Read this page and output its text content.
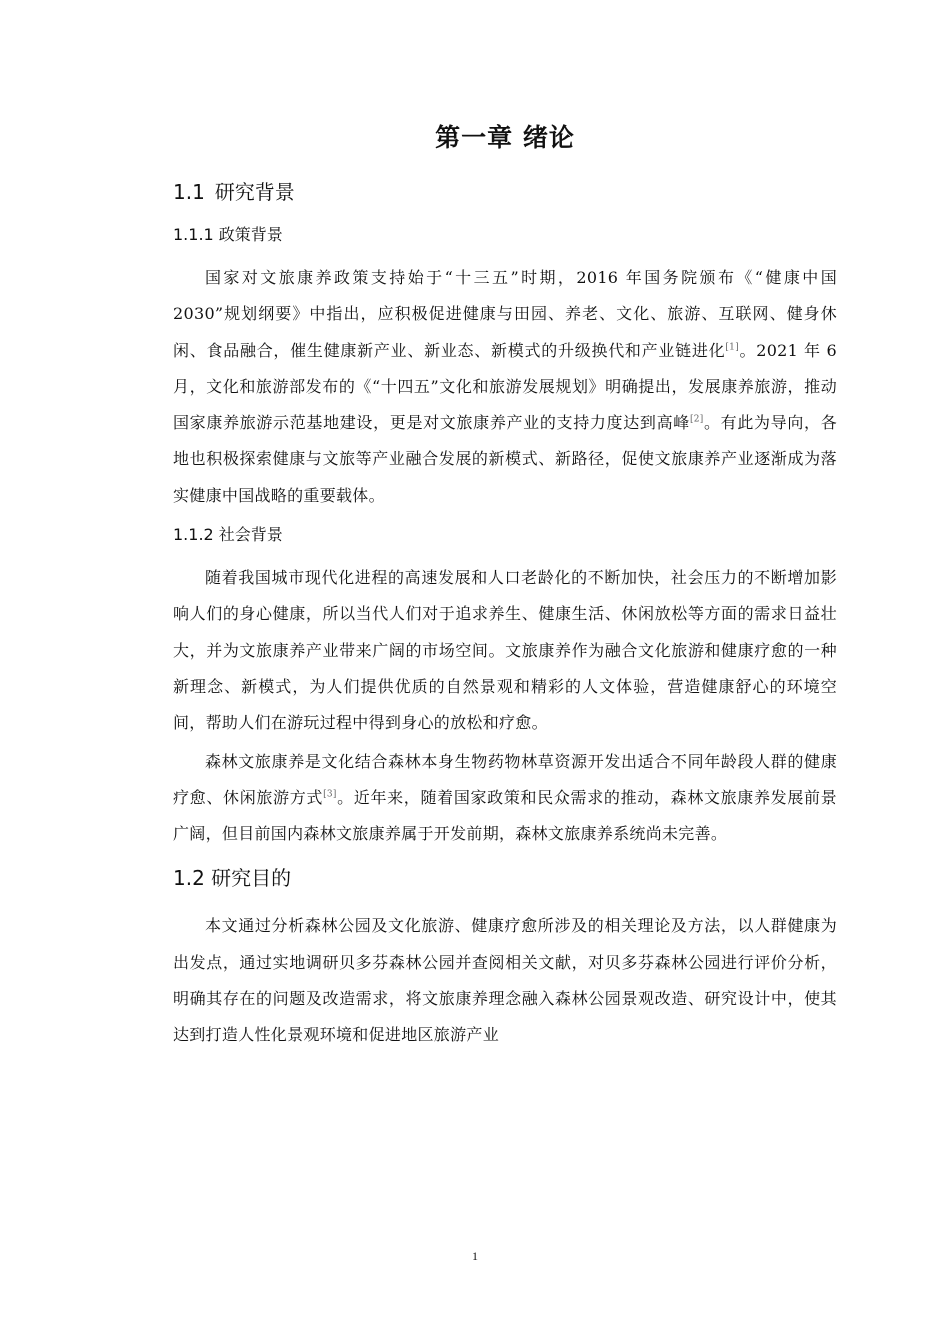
第一章 绪论
1.1 研究背景
1.1.1 政策背景

国家对文旅康养政策支持始于“十三五”时期，2016 年国务院颁布《“健康中国 2030”规划纲要》中指出，应积极促进健康与田园、养老、文化、旅游、互联网、健身休闲、食品融合，催生健康新产业、新业态、新模式的升级换代和产业链进化[1]。2021 年 6 月，文化和旅游部发布的《“十四五”文化和旅游发展规划》明确提出，发展康养旅游，推动国家康养旅游示范基地建设，更是对文旅康养产业的支持力度达到高峰[2]。有此为导向，各地也积极探索健康与文旅等产业融合发展的新模式、新路径，促使文旅康养产业逐渐成为落实健康中国战略的重要载体。

1.1.2 社会背景

随着我国城市现代化进程的高速发展和人口老龄化的不断加快，社会压力的不断增加影响人们的身心健康，所以当代人们对于追求养生、健康生活、休闲放松等方面的需求日益壮大，并为文旅康养产业带来广阔的市场空间。文旅康养作为融合文化旅游和健康疗愈的一种新理念、新模式，为人们提供优质的自然景观和精彩的人文体验，营造健康舒心的环境空间，帮助人们在游玩过程中得到身心的放松和疗愈。

森林文旅康养是文化结合森林本身生物药物林草资源开发出适合不同年龄段人群的健康疗愈、休闲旅游方式[3]。近年来，随着国家政策和民众需求的推动，森林文旅康养发展前景广阔，但目前国内森林文旅康养属于开发前期，森林文旅康养系统尚未完善。

1.2 研究目的

本文通过分析森林公园及文化旅游、健康疗愈所涉及的相关理论及方法，以人群健康为出发点，通过实地调研贝多芬森林公园并查阅相关文献，对贝多芬森林公园进行评价分析，明确其存在的问题及改造需求，将文旅康养理念融入森林公园景观改造、研究设计中，使其达到打造人性化景观环境和促进地区旅游产业

1
